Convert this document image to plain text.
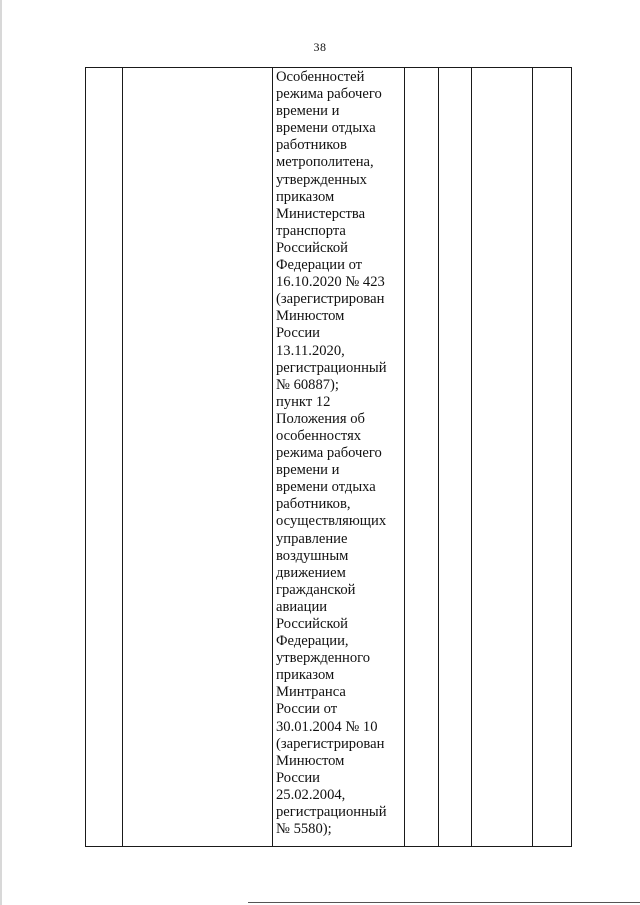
38

Особенностей
режима рабочего
времени и
времени отдыха
работников
метрополитена,
утвержденных
приказом
Министерства
транспорта
Российской
Федерации от
16.10.2020 № 423
(зарегистрирован
Минюстом
России
13.11.2020,
регистрационный
№ 60887);
пункт 12
Положения об
особенностях
режима рабочего
времени и
времени отдыха
работников,
осуществляющих
управление
воздушным
движением
гражданской
авиации
Российской
Федерации,
утвержденного
приказом
Минтранса
России от
30.01.2004 № 10
(зарегистрирован
Минюстом
России
25.02.2004,
регистрационный
№ 5580);
